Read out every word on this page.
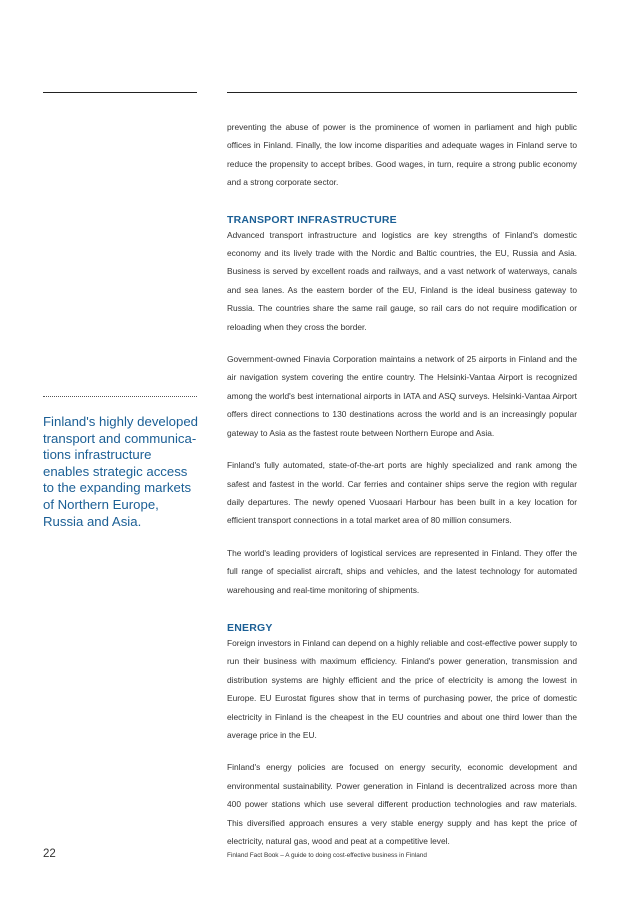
Finland's highly developed transport and communications infrastructure enables strategic access to the expanding markets of Northern Europe, Russia and Asia.

preventing the abuse of power is the prominence of women in parliament and high public offices in Finland. Finally, the low income disparities and adequate wages in Finland serve to reduce the propensity to accept bribes. Good wages, in turn, require a strong public economy and a strong corporate sector.

TRANSPORT INFRASTRUCTURE

Advanced transport infrastructure and logistics are key strengths of Finland's domestic economy and its lively trade with the Nordic and Baltic countries, the EU, Russia and Asia. Business is served by excellent roads and railways, and a vast network of waterways, canals and sea lanes. As the eastern border of the EU, Finland is the ideal business gateway to Russia. The countries share the same rail gauge, so rail cars do not require modification or reloading when they cross the border.

Government-owned Finavia Corporation maintains a network of 25 airports in Finland and the air navigation system covering the entire country. The Helsinki-Vantaa Airport is recognized among the world's best international airports in IATA and ASQ surveys. Helsinki-Vantaa Airport offers direct connections to 130 destinations across the world and is an increasingly popular gateway to Asia as the fastest route between Northern Europe and Asia.

Finland's fully automated, state-of-the-art ports are highly specialized and rank among the safest and fastest in the world. Car ferries and container ships serve the region with regular daily departures. The newly opened Vuosaari Harbour has been built in a key location for efficient transport connections in a total market area of 80 million consumers.

The world's leading providers of logistical services are represented in Finland. They offer the full range of specialist aircraft, ships and vehicles, and the latest technology for automated warehousing and real-time monitoring of shipments.

ENERGY

Foreign investors in Finland can depend on a highly reliable and cost-effective power supply to run their business with maximum efficiency. Finland's power generation, transmission and distribution systems are highly efficient and the price of electricity is among the lowest in Europe. EU Eurostat figures show that in terms of purchasing power, the price of domestic electricity in Finland is the cheapest in the EU countries and about one third lower than the average price in the EU.

Finland's energy policies are focused on energy security, economic development and environmental sustainability. Power generation in Finland is decentralized across more than 400 power stations which use several different production technologies and raw materials. This diversified approach ensures a very stable energy supply and has kept the price of electricity, natural gas, wood and peat at a competitive level.

22	Finland Fact Book – A guide to doing cost-effective business in Finland
